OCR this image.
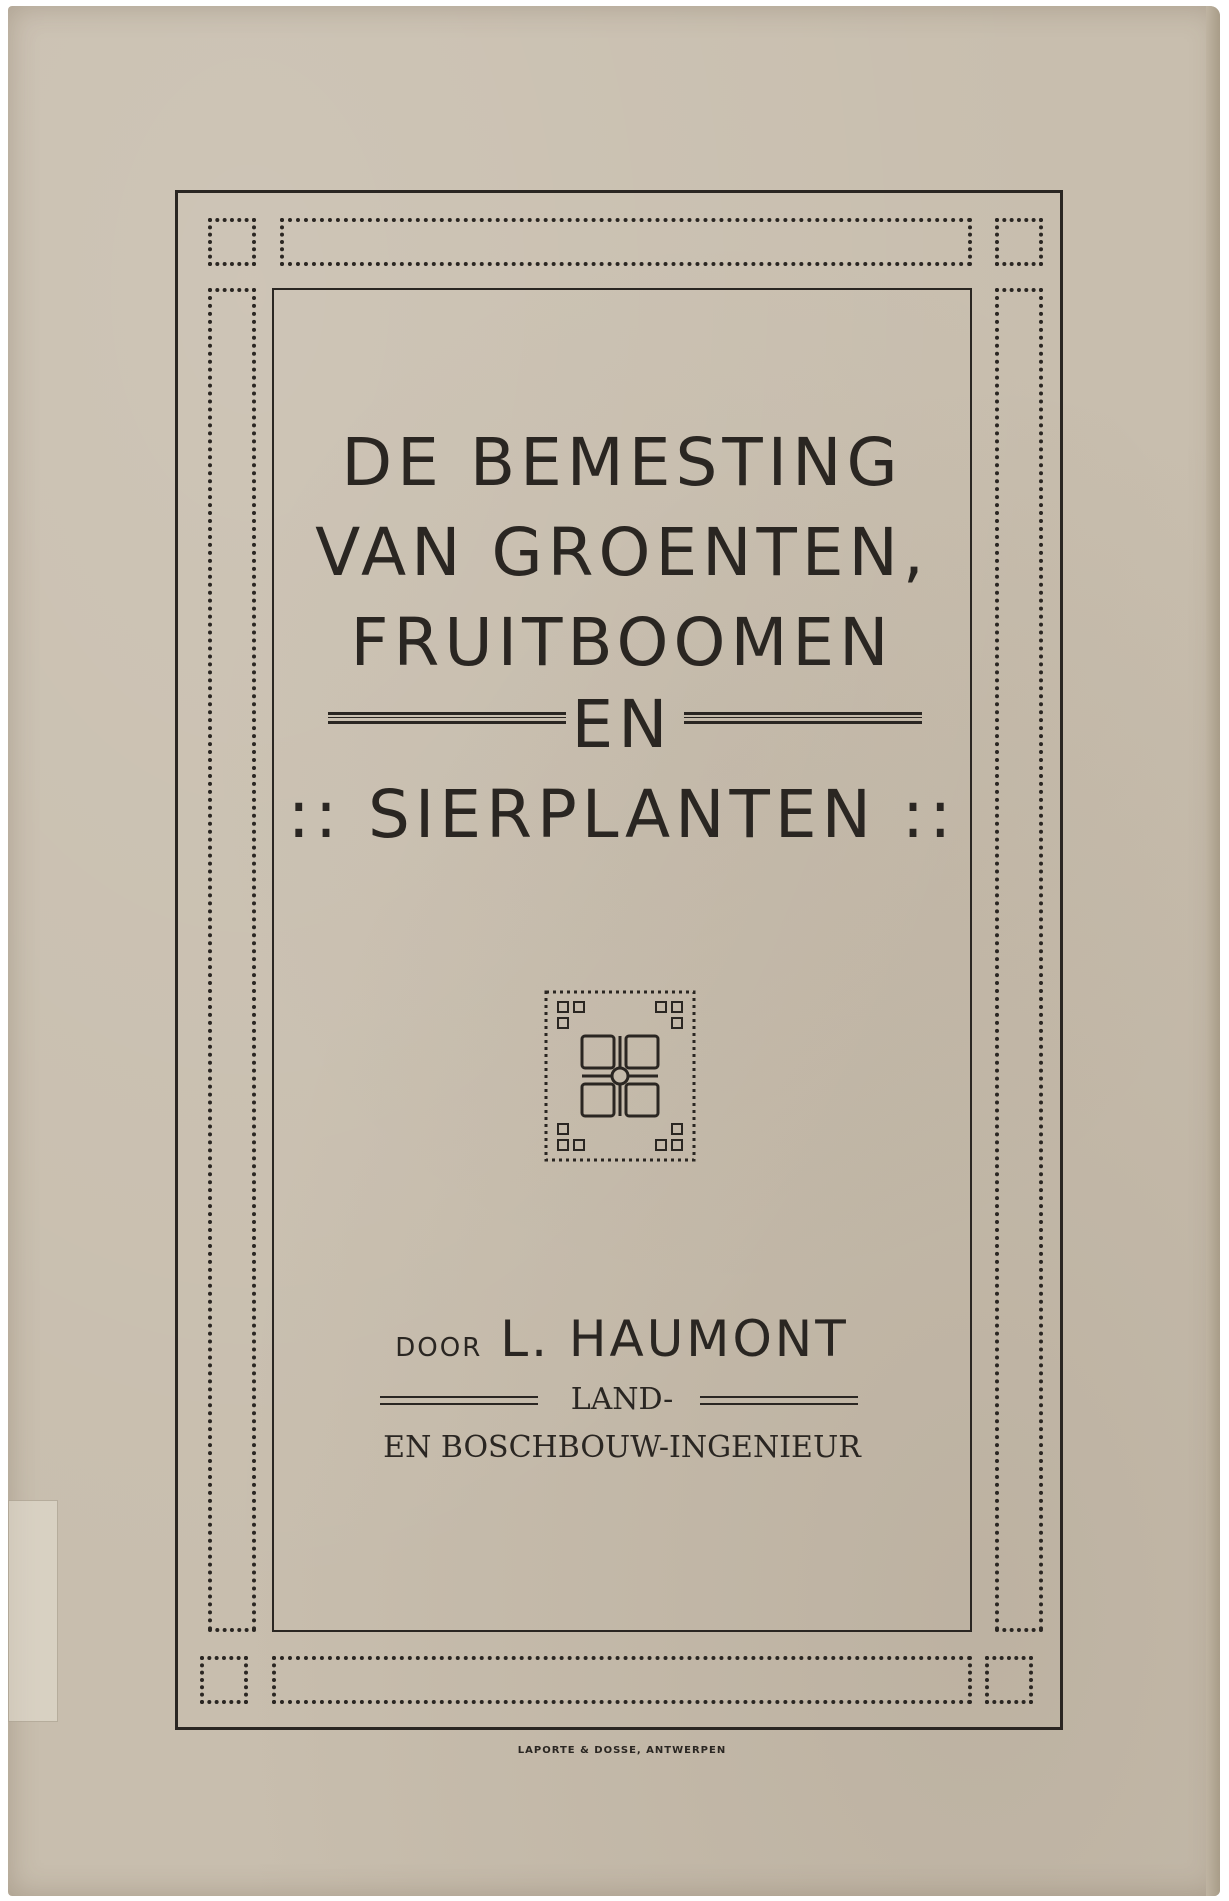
DE BEMESTING
VAN GROENTEN,
FRUITBOOMEN
EN
:: SIERPLANTEN ::
DOOR L. HAUMONT
LAND-
EN BOSCHBOUW-INGENIEUR
LAPORTE & DOSSE, ANTWERPEN
